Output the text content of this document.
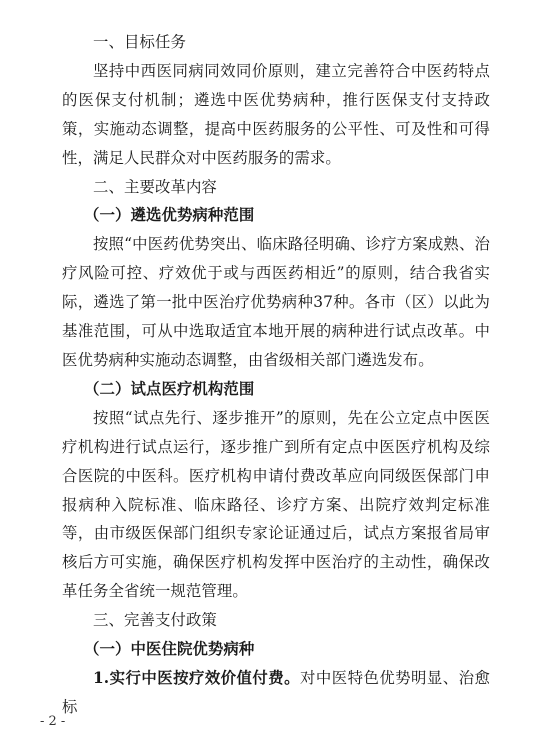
一、目标任务

坚持中西医同病同效同价原则，建立完善符合中医药特点的医保支付机制；遴选中医优势病种，推行医保支付支持政策，实施动态调整，提高中医药服务的公平性、可及性和可得性，满足人民群众对中医药服务的需求。

二、主要改革内容
（一）遴选优势病种范围

按照“中医药优势突出、临床路径明确、诊疗方案成熟、治疗风险可控、疗效优于或与西医药相近”的原则，结合我省实际，遴选了第一批中医治疗优势病种37种。各市（区）以此为基准范围，可从中选取适宜本地开展的病种进行试点改革。中医优势病种实施动态调整，由省级相关部门遴选发布。

（二）试点医疗机构范围

按照“试点先行、逐步推开”的原则，先在公立定点中医医疗机构进行试点运行，逐步推广到所有定点中医医疗机构及综合医院的中医科。医疗机构申请付费改革应向同级医保部门申报病种入院标准、临床路径、诊疗方案、出院疗效判定标准等，由市级医保部门组织专家论证通过后，试点方案报省局审核后方可实施，确保医疗机构发挥中医治疗的主动性，确保改革任务全省统一规范管理。

三、完善支付政策
（一）中医住院优势病种

1.实行中医按疗效价值付费。对中医特色优势明显、治愈标

- 2 -
